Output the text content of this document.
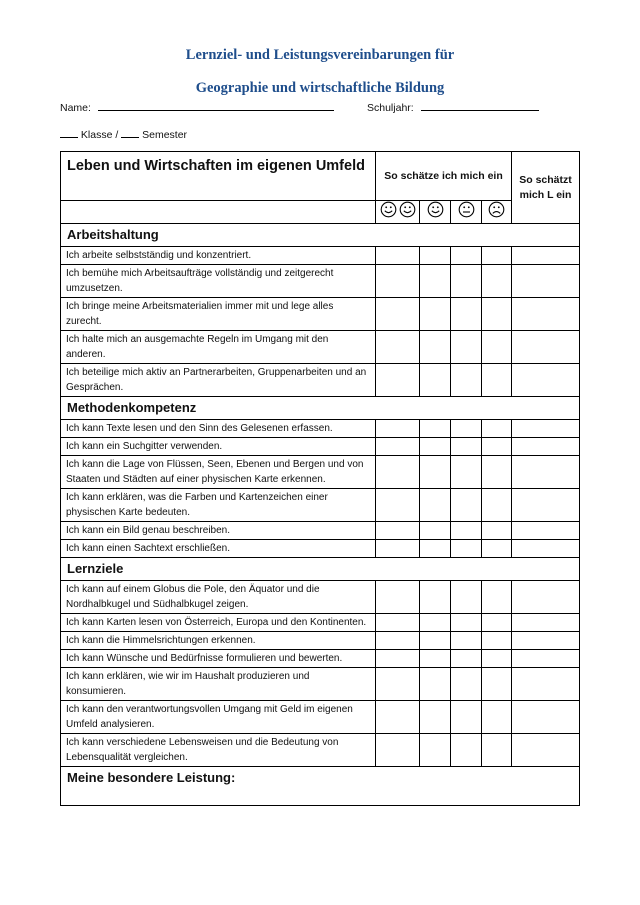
Lernziel- und Leistungsvereinbarungen für
Geographie und wirtschaftliche Bildung
Name:	Schuljahr:
Klasse / Semester
Leben und Wirtschaften im eigenen Umfeld	So schätze ich mich ein				So schätzt mich L ein

Arbeitshaltung					
Ich arbeite selbstständig und konzentriert.					
Ich bemühe mich Arbeitsaufträge vollständig und zeitgerecht umzusetzen.					
Ich bringe meine Arbeitsmaterialien immer mit und lege alles zurecht.					
Ich halte mich an ausgemachte Regeln im Umgang mit den anderen.					
Ich beteilige mich aktiv an Partnerarbeiten, Gruppenarbeiten und an Gesprächen.					
Methodenkompetenz					
Ich kann Texte lesen und den Sinn des Gelesenen erfassen.					
Ich kann ein Suchgitter verwenden.					
Ich kann die Lage von Flüssen, Seen, Ebenen und Bergen und von Staaten und Städten auf einer physischen Karte erkennen.					
Ich kann erklären, was die Farben und Kartenzeichen einer physischen Karte bedeuten.					
Ich kann ein Bild genau beschreiben.					
Ich kann einen Sachtext erschließen.					
Lernziele					
Ich kann auf einem Globus die Pole, den Äquator und die Nordhalbkugel und Südhalbkugel zeigen.					
Ich kann Karten lesen von Österreich, Europa und den Kontinenten.					
Ich kann die Himmelsrichtungen erkennen.					
Ich kann Wünsche und Bedürfnisse formulieren und bewerten.					
Ich kann erklären, wie wir im Haushalt produzieren und konsumieren.					
Ich kann den verantwortungsvollen Umgang mit Geld im eigenen Umfeld analysieren.					
Ich kann verschiedene Lebensweisen und die Bedeutung von Lebensqualität vergleichen.					
Meine besondere Leistung:					
